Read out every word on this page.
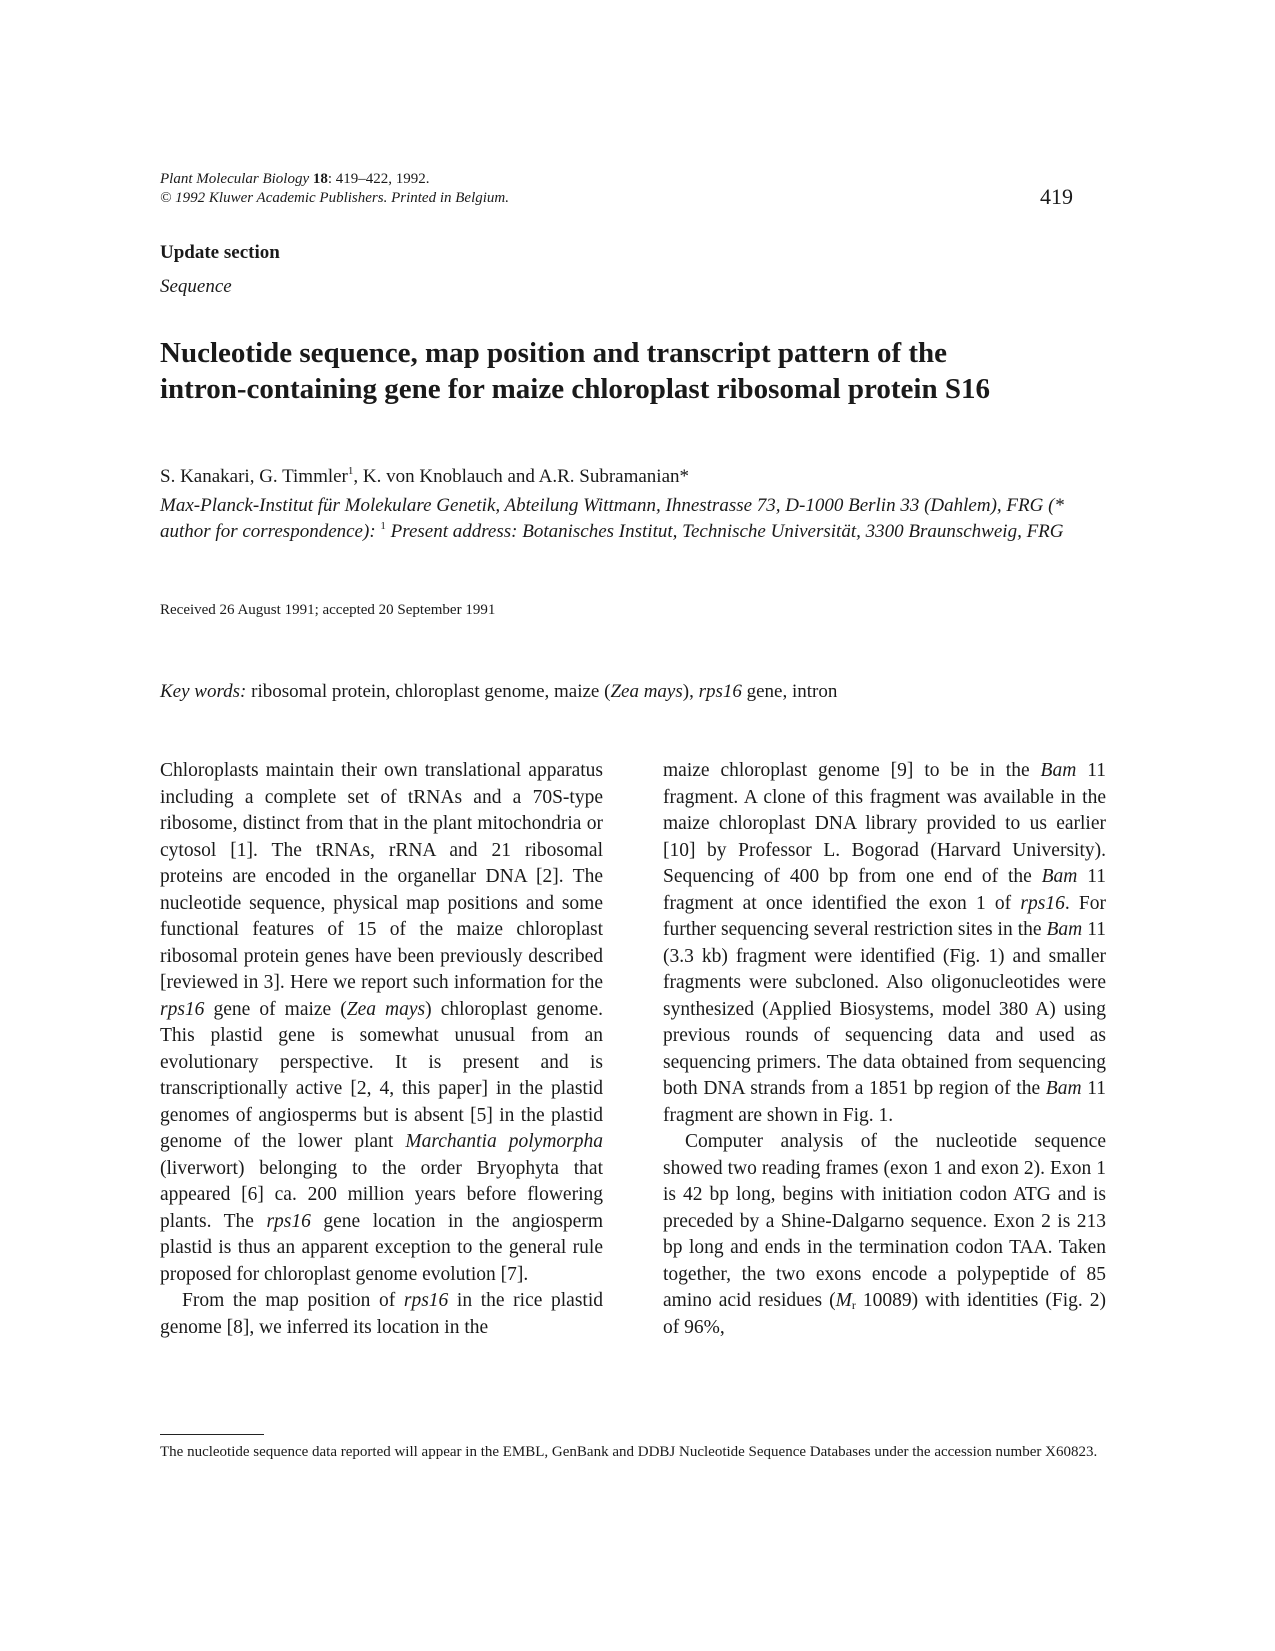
Plant Molecular Biology 18: 419–422, 1992.
© 1992 Kluwer Academic Publishers. Printed in Belgium.	419
Update section
Sequence
Nucleotide sequence, map position and transcript pattern of the
intron-containing gene for maize chloroplast ribosomal protein S16
S. Kanakari, G. Timmler$^1$, K. von Knoblauch and A.R. Subramanian*
Max-Planck-Institut für Molekulare Genetik, Abteilung Wittmann, Ihnestrasse 73, D-1000 Berlin 33 (Dahlem), FRG (* author for correspondence): $^1$ Present address: Botanisches Institut, Technische Universität, 3300 Braunschweig, FRG
Received 26 August 1991; accepted 20 September 1991
Key words: ribosomal protein, chloroplast genome, maize (Zea mays), rps16 gene, intron

Chloroplasts maintain their own translational apparatus including a complete set of tRNAs and a 70S-type ribosome, distinct from that in the plant mitochondria or cytosol [1]. The tRNAs, rRNA and 21 ribosomal proteins are encoded in the organellar DNA [2]. The nucleotide sequence, physical map positions and some functional features of 15 of the maize chloroplast ribosomal protein genes have been previously described [reviewed in 3]. Here we report such information for the rps16 gene of maize (Zea mays) chloroplast genome. This plastid gene is somewhat unusual from an evolutionary perspective. It is present and is transcriptionally active [2, 4, this paper] in the plastid genomes of angiosperms but is absent [5] in the plastid genome of the lower plant Marchantia polymorpha (liverwort) belonging to the order Bryophyta that appeared [6] ca. 200 million years before flowering plants. The rps16 gene location in the angiosperm plastid is thus an apparent exception to the general rule proposed for chloroplast genome evolution [7].

From the map position of rps16 in the rice plastid genome [8], we inferred its location in the

maize chloroplast genome [9] to be in the Bam 11 fragment. A clone of this fragment was available in the maize chloroplast DNA library provided to us earlier [10] by Professor L. Bogorad (Harvard University). Sequencing of 400 bp from one end of the Bam 11 fragment at once identified the exon 1 of rps16. For further sequencing several restriction sites in the Bam 11 (3.3 kb) fragment were identified (Fig. 1) and smaller fragments were subcloned. Also oligonucleotides were synthesized (Applied Biosystems, model 380 A) using previous rounds of sequencing data and used as sequencing primers. The data obtained from sequencing both DNA strands from a 1851 bp region of the Bam 11 fragment are shown in Fig. 1.

Computer analysis of the nucleotide sequence showed two reading frames (exon 1 and exon 2). Exon 1 is 42 bp long, begins with initiation codon ATG and is preceded by a Shine-Dalgarno sequence. Exon 2 is 213 bp long and ends in the termination codon TAA. Taken together, the two exons encode a polypeptide of 85 amino acid residues ($M_r$ 10089) with identities (Fig. 2) of 96%,

The nucleotide sequence data reported will appear in the EMBL, GenBank and DDBJ Nucleotide Sequence Databases under the accession number X60823.
